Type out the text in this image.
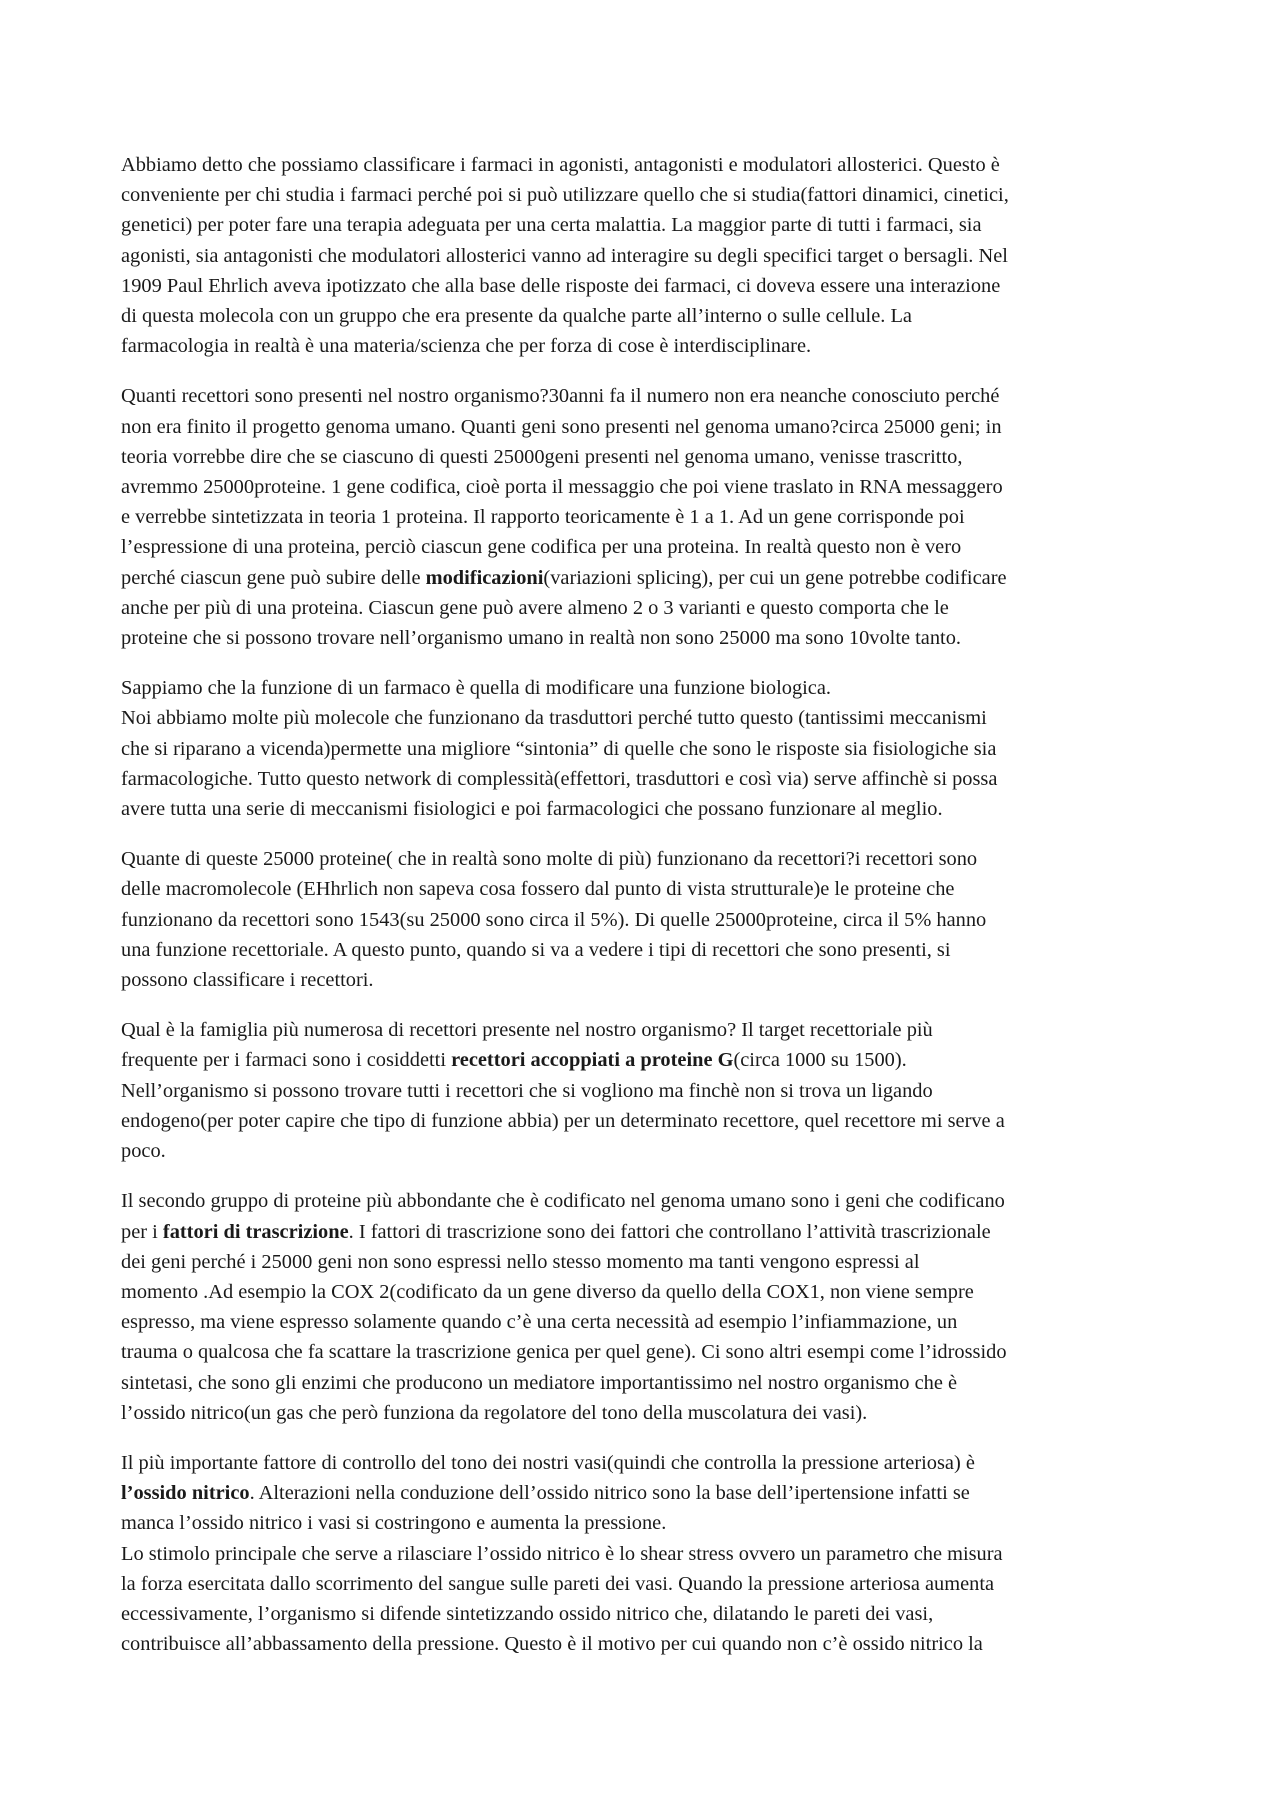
Abbiamo detto che possiamo classificare i farmaci in agonisti, antagonisti e modulatori allosterici. Questo è
conveniente per chi studia i farmaci perché poi si può utilizzare quello che si studia(fattori dinamici, cinetici,
genetici) per poter fare una terapia adeguata per una certa malattia. La maggior parte di tutti i farmaci, sia
agonisti, sia antagonisti che modulatori allosterici vanno ad interagire su degli specifici target o bersagli. Nel
1909 Paul Ehrlich aveva ipotizzato che alla base delle risposte dei farmaci, ci doveva essere una interazione
di questa molecola con un gruppo che era presente da qualche parte all’interno o sulle cellule. La
farmacologia in realtà è una materia/scienza che per forza di cose è interdisciplinare.
Quanti recettori sono presenti nel nostro organismo?30anni fa il numero non era neanche conosciuto perché
non era finito il progetto genoma umano. Quanti geni sono presenti nel genoma umano?circa 25000 geni; in
teoria vorrebbe dire che se ciascuno di questi 25000geni presenti nel genoma umano, venisse trascritto,
avremmo 25000proteine. 1 gene codifica, cioè porta il messaggio che poi viene traslato in RNA messaggero
e verrebbe sintetizzata in teoria 1 proteina. Il rapporto teoricamente è 1 a 1. Ad un gene corrisponde poi
l’espressione di una proteina, perciò ciascun gene codifica per una proteina. In realtà questo non è vero
perché ciascun gene può subire delle modificazioni(variazioni splicing), per cui un gene potrebbe codificare
anche per più di una proteina. Ciascun gene può avere almeno 2 o 3 varianti e questo comporta che le
proteine che si possono trovare nell’organismo umano in realtà non sono 25000 ma sono 10volte tanto.
Sappiamo che la funzione di un farmaco è quella di modificare una funzione biologica.
Noi abbiamo molte più molecole che funzionano da trasduttori perché tutto questo (tantissimi meccanismi
che si riparano a vicenda)permette una migliore “sintonia” di quelle che sono le risposte sia fisiologiche sia
farmacologiche. Tutto questo network di complessità(effettori, trasduttori e così via) serve affinchè si possa
avere tutta una serie di meccanismi fisiologici e poi farmacologici che possano funzionare al meglio.
Quante di queste 25000 proteine( che in realtà sono molte di più) funzionano da recettori?i recettori sono
delle macromolecole (EHhrlich non sapeva cosa fossero dal punto di vista strutturale)e le proteine che
funzionano da recettori sono 1543(su 25000 sono circa il 5%). Di quelle 25000proteine, circa il 5% hanno
una funzione recettoriale. A questo punto, quando si va a vedere i tipi di recettori che sono presenti, si
possono classificare i recettori.
Qual è la famiglia più numerosa di recettori presente nel nostro organismo? Il target recettoriale più
frequente per i farmaci sono i cosiddetti recettori accoppiati a proteine G(circa 1000 su 1500).
Nell’organismo si possono trovare tutti i recettori che si vogliono ma finchè non si trova un ligando
endogeno(per poter capire che tipo di funzione abbia) per un determinato recettore, quel recettore mi serve a
poco.
Il secondo gruppo di proteine più abbondante che è codificato nel genoma umano sono i geni che codificano
per i fattori di trascrizione. I fattori di trascrizione sono dei fattori che controllano l’attività trascrizionale
dei geni perché i 25000 geni non sono espressi nello stesso momento ma tanti vengono espressi al
momento .Ad esempio la COX 2(codificato da un gene diverso da quello della COX1, non viene sempre
espresso, ma viene espresso solamente quando c’è una certa necessità ad esempio l’infiammazione, un
trauma o qualcosa che fa scattare la trascrizione genica per quel gene). Ci sono altri esempi come l’idrossido
sintetasi, che sono gli enzimi che producono un mediatore importantissimo nel nostro organismo che è
l’ossido nitrico(un gas che però funziona da regolatore del tono della muscolatura dei vasi).
Il più importante fattore di controllo del tono dei nostri vasi(quindi che controlla la pressione arteriosa) è
l’ossido nitrico. Alterazioni nella conduzione dell’ossido nitrico sono la base dell’ipertensione infatti se
manca l’ossido nitrico i vasi si costringono e aumenta la pressione.
Lo stimolo principale che serve a rilasciare l’ossido nitrico è lo shear stress ovvero un parametro che misura
la forza esercitata dallo scorrimento del sangue sulle pareti dei vasi. Quando la pressione arteriosa aumenta
eccessivamente, l’organismo si difende sintetizzando ossido nitrico che, dilatando le pareti dei vasi,
contribuisce all’abbassamento della pressione. Questo è il motivo per cui quando non c’è ossido nitrico la
